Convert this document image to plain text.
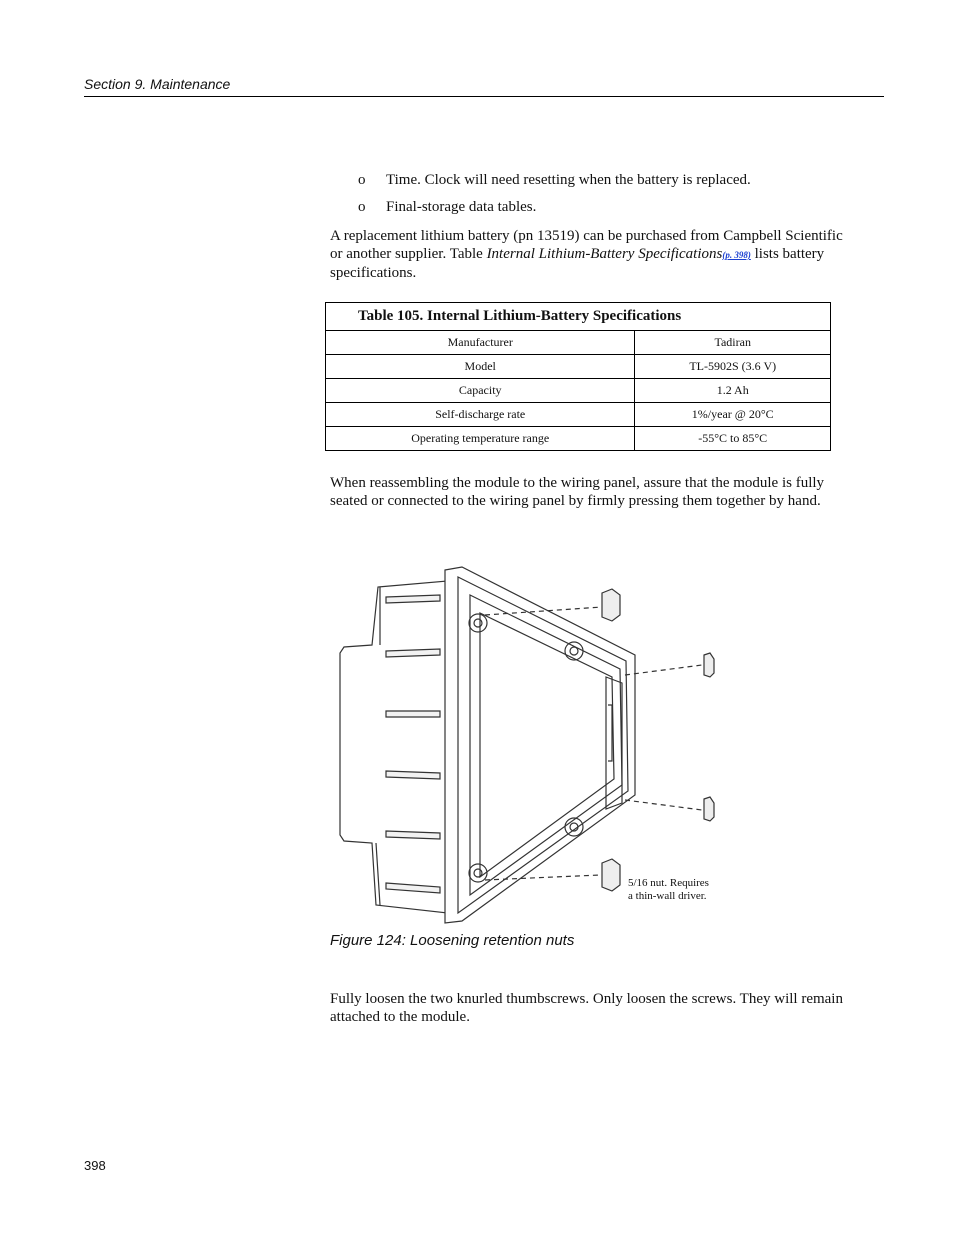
Section 9. Maintenance
o	Time. Clock will need resetting when the battery is replaced.
o	Final-storage data tables.
A replacement lithium battery (pn 13519) can be purchased from Campbell Scientific or another supplier. Table Internal Lithium-Battery Specifications(p. 398) lists battery specifications.
Table 105. Internal Lithium-Battery Specifications	
Manufacturer	Tadiran
Model	TL-5902S (3.6 V)
Capacity	1.2 Ah
Self-discharge rate	1%/year @ 20°C
Operating temperature range	-55°C to 85°C
When reassembling the module to the wiring panel, assure that the module is fully seated or connected to the wiring panel by firmly pressing them together by hand.
5/16 nut. Requires
a thin-wall driver.
Figure 124: Loosening retention nuts
Fully loosen the two knurled thumbscrews. Only loosen the screws. They will remain attached to the module.
398
